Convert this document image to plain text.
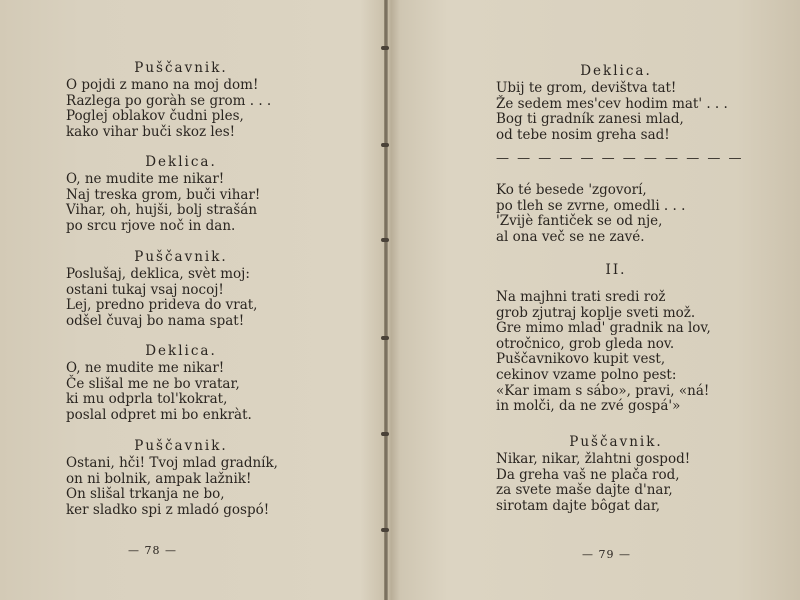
Puščavnik.
O pojdi z mano na moj dom!
Razlega po goràh se grom . . .
Poglej oblakov čudni ples,
kako vihar buči skoz les!
Deklica.
O, ne mudite me nikar!
Naj treska grom, buči vihar!
Vihar, oh, hujši, bolj strašán
po srcu rjove noč in dan.
Puščavnik.
Poslušaj, deklica, svèt moj:
ostani tukaj vsaj nocoj!
Lej, predno prideva do vrat,
odšel čuvaj bo nama spat!
Deklica.
O, ne mudite me nikar!
Če slišal me ne bo vratar,
ki mu odprla tol'kokrat,
poslal odpret mi bo enkràt.
Puščavnik.
Ostani, hči! Tvoj mlad gradník,
on ni bolnik, ampak lažnik!
On slišal trkanja ne bo,
ker sladko spi z mladó gospó!
— 78 —
Deklica.
Ubij te grom, devištva tat!
Že sedem mes'cev hodim mat' . . .
Bog ti gradník zanesi mlad,
od tebe nosim greha sad!
— — — — — — — — — — — —
Ko té besede 'zgovorí,
po tleh se zvrne, omedli . . .
'Zvijè fantiček se od nje,
al ona več se ne zavé.
II.
Na majhni trati sredi rož
grob zjutraj koplje sveti mož.
Gre mimo mlad' gradnik na lov,
otročnico, grob gleda nov.
Puščavnikovo kupit vest,
cekinov vzame polno pest:
«Kar imam s sábo», pravi, «ná!
in molči, da ne zvé gospá'»
Puščavnik.
Nikar, nikar, žlahtni gospod!
Da greha vaš ne plača rod,
za svete maše dajte d'nar,
sirotam dajte bôgat dar,
— 79 —
